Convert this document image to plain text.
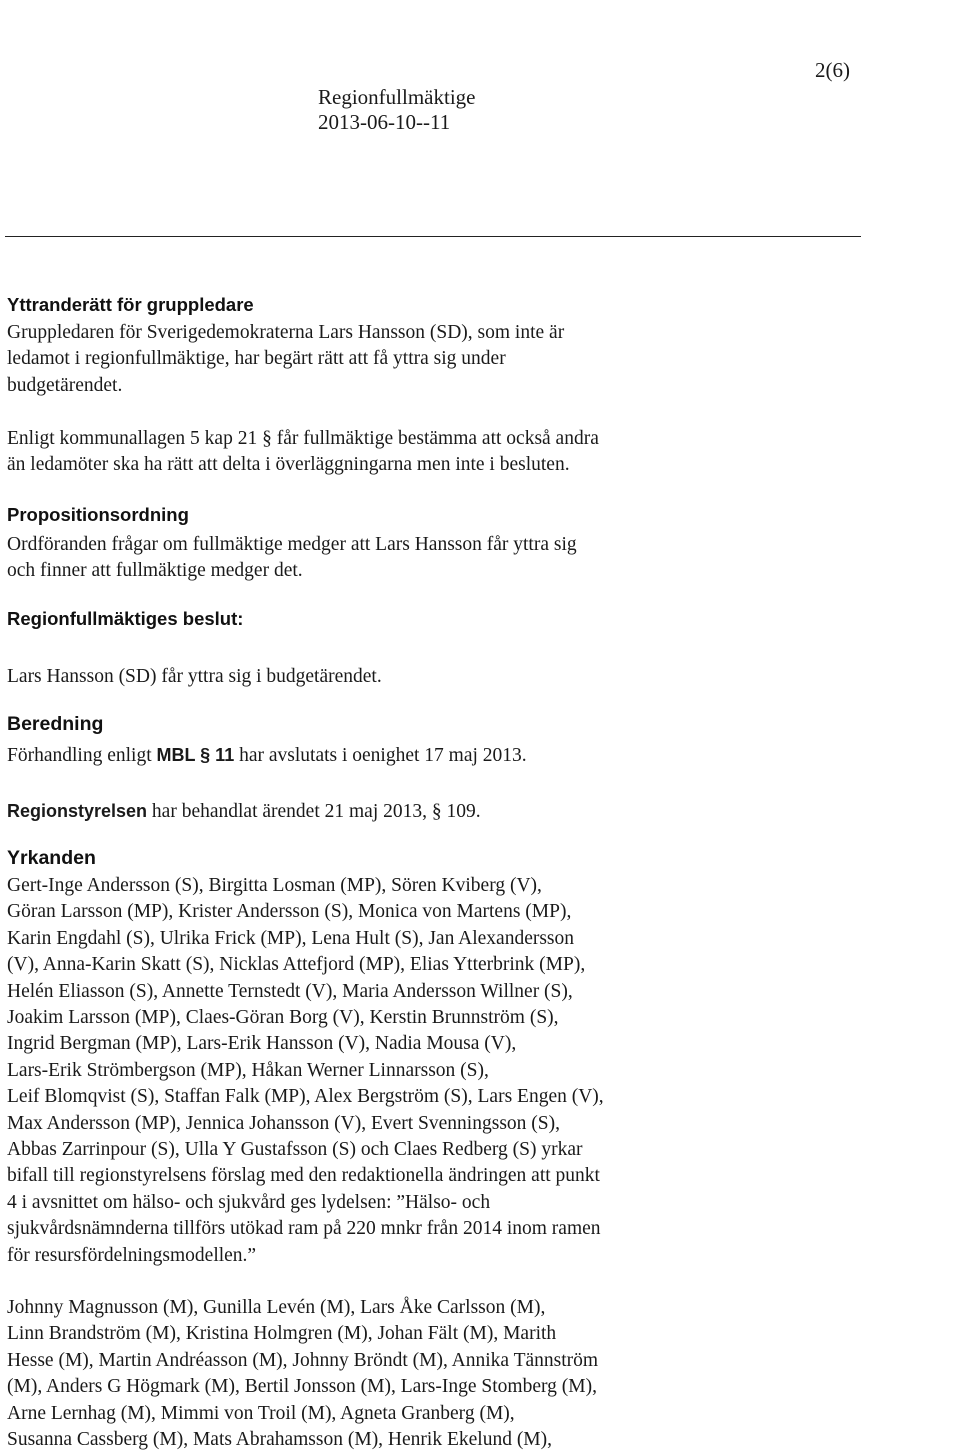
Regionfullmäktige
2013-06-10--11
2(6)
Yttranderätt för gruppledare
Gruppledaren för Sverigedemokraterna Lars Hansson (SD), som inte är
ledamot i regionfullmäktige, har begärt rätt att få yttra sig under
budgetärendet.
Enligt kommunallagen 5 kap 21 § får fullmäktige bestämma att också andra
än ledamöter ska ha rätt att delta i överläggningarna men inte i besluten.
Propositionsordning
Ordföranden frågar om fullmäktige medger att Lars Hansson får yttra sig
och finner att fullmäktige medger det.
Regionfullmäktiges beslut:
Lars Hansson (SD) får yttra sig i budgetärendet.
Beredning
Förhandling enligt MBL § 11 har avslutats i oenighet 17 maj 2013.
Regionstyrelsen har behandlat ärendet 21 maj 2013, § 109.
Yrkanden
Gert-Inge Andersson (S), Birgitta Losman (MP), Sören Kviberg (V),
Göran Larsson (MP), Krister Andersson (S), Monica von Martens (MP),
Karin Engdahl (S), Ulrika Frick (MP), Lena Hult (S), Jan Alexandersson
(V), Anna-Karin Skatt (S), Nicklas Attefjord (MP), Elias Ytterbrink (MP),
Helén Eliasson (S), Annette Ternstedt (V), Maria Andersson Willner (S),
Joakim Larsson (MP), Claes-Göran Borg (V), Kerstin Brunnström (S),
Ingrid Bergman (MP), Lars-Erik Hansson (V), Nadia Mousa (V),
Lars-Erik Strömbergson (MP), Håkan Werner Linnarsson (S),
Leif Blomqvist (S), Staffan Falk (MP), Alex Bergström (S), Lars Engen (V),
Max Andersson (MP), Jennica Johansson (V), Evert Svenningsson (S),
Abbas Zarrinpour (S), Ulla Y Gustafsson (S) och Claes Redberg (S) yrkar
bifall till regionstyrelsens förslag med den redaktionella ändringen att punkt
4 i avsnittet om hälso- och sjukvård ges lydelsen: ”Hälso- och
sjukvårdsnämnderna tillförs utökad ram på 220 mnkr från 2014 inom ramen
för resursfördelningsmodellen.”
Johnny Magnusson (M), Gunilla Levén (M), Lars Åke Carlsson (M),
Linn Brandström (M), Kristina Holmgren (M), Johan Fält (M), Marith
Hesse (M), Martin Andréasson (M), Johnny Bröndt (M), Annika Tännström
(M), Anders G Högmark (M), Bertil Jonsson (M), Lars-Inge Stomberg (M),
Arne Lernhag (M), Mimmi von Troil (M), Agneta Granberg (M),
Susanna Cassberg (M), Mats Abrahamsson (M), Henrik Ekelund (M),
